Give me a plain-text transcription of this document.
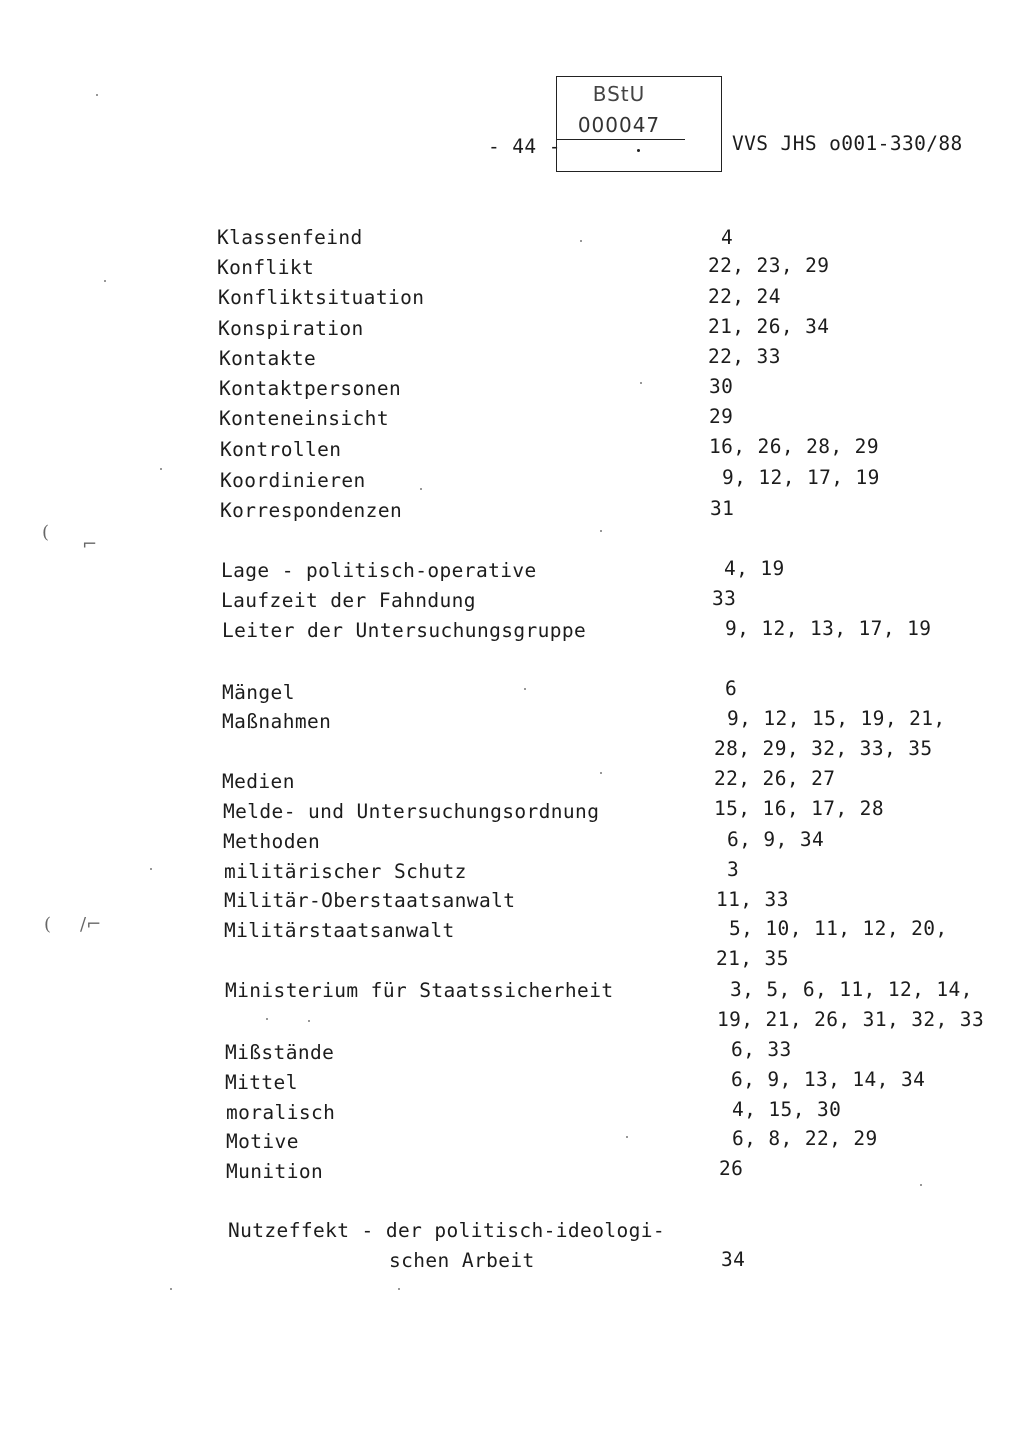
- 44 -
BStU
000047
VVS JHS o001-330/88
Klassenfeind	4
Konflikt	22, 23, 29
Konfliktsituation	22, 24
Konspiration	21, 26, 34
Kontakte	22, 33
Kontaktpersonen	30
Konteneinsicht	29
Kontrollen	16, 26, 28, 29
Koordinieren	9, 12, 17, 19
Korrespondenzen	31
Lage - politisch-operative	4, 19
Laufzeit der Fahndung	33
Leiter der Untersuchungsgruppe	9, 12, 13, 17, 19
Mängel	6
Maßnahmen	9, 12, 15, 19, 21,
28, 29, 32, 33, 35
Medien	22, 26, 27
Melde- und Untersuchungsordnung	15, 16, 17, 28
Methoden	6, 9, 34
militärischer Schutz	3
Militär-Oberstaatsanwalt	11, 33
Militärstaatsanwalt	5, 10, 11, 12, 20,
21, 35
Ministerium für Staatssicherheit	3, 5, 6, 11, 12, 14,
19, 21, 26, 31, 32, 33
Mißstände	6, 33
Mittel	6, 9, 13, 14, 34
moralisch	4, 15, 30
Motive	6, 8, 22, 29
Munition	26
Nutzeffekt - der politisch-ideologi-
schen Arbeit	34
(
⌐
( /⌐
